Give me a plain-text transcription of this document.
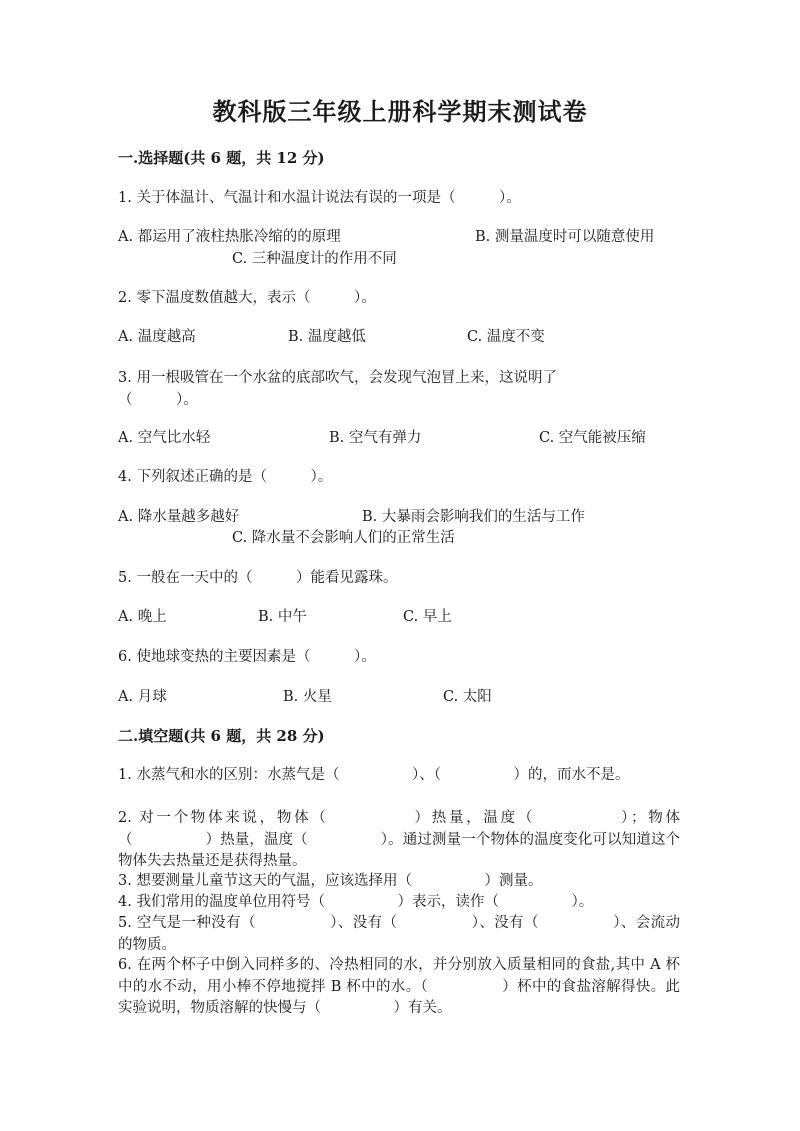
教科版三年级上册科学期末测试卷
一.选择题(共 6 题，共 12 分)
1. 关于体温计、气温计和水温计说法有误的一项是（　　　）。
A. 都运用了液柱热胀冷缩的的原理	B. 测量温度时可以随意使用
C. 三种温度计的作用不同
2. 零下温度数值越大，表示（　　　）。
A. 温度越高	B. 温度越低	C. 温度不变
3. 用一根吸管在一个水盆的底部吹气，会发现气泡冒上来，这说明了（　　　）。
A. 空气比水轻	B. 空气有弹力	C. 空气能被压缩
4. 下列叙述正确的是（　　　）。
A. 降水量越多越好	B. 大暴雨会影响我们的生活与工作
C. 降水量不会影响人们的正常生活
5. 一般在一天中的（　　　）能看见露珠。
A. 晚上	B. 中午	C. 早上
6. 使地球变热的主要因素是（　　　）。
A. 月球	B. 火星	C. 太阳
二.填空题(共 6 题，共 28 分)
1. 水蒸气和水的区别：水蒸气是（　　　　　）、（　　　　　）的，而水不是。
2. 对一个物体来说，物体（　　　　　）热量，温度（　　　　　）；物体（　　　　　）热量，温度（　　　　　）。通过测量一个物体的温度变化可以知道这个物体失去热量还是获得热量。
3. 想要测量儿童节这天的气温，应该选择用（　　　　　）测量。
4. 我们常用的温度单位用符号（　　　　　）表示，读作（　　　　　）。
5. 空气是一种没有（　　　　　）、没有（　　　　　）、没有（　　　　　）、会流动的物质。
6. 在两个杯子中倒入同样多的、冷热相同的水，并分别放入质量相同的食盐,其中 A 杯中的水不动，用小棒不停地搅拌 B 杯中的水。（　　　　　）杯中的食盐溶解得快。此实验说明，物质溶解的快慢与（　　　　　）有关。
